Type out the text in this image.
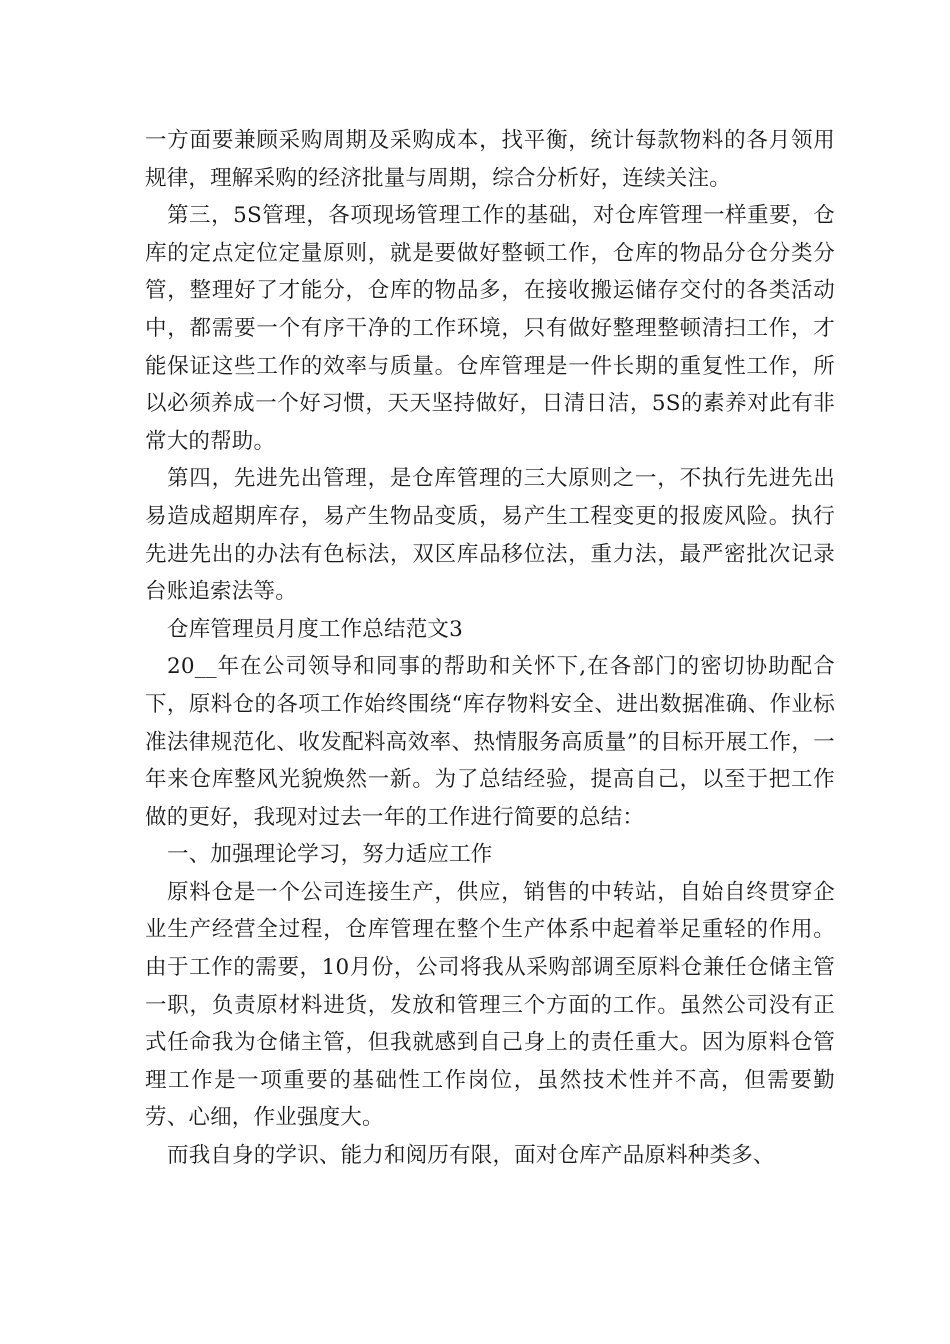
一方面要兼顾采购周期及采购成本，找平衡，统计每款物料的各月领用规律，理解采购的经济批量与周期，综合分析好，连续关注。

第三，5S管理，各项现场管理工作的基础，对仓库管理一样重要，仓库的定点定位定量原则，就是要做好整顿工作，仓库的物品分仓分类分管，整理好了才能分，仓库的物品多，在接收搬运储存交付的各类活动中，都需要一个有序干净的工作环境，只有做好整理整顿清扫工作，才能保证这些工作的效率与质量。仓库管理是一件长期的重复性工作，所以必须养成一个好习惯，天天坚持做好，日清日洁，5S的素养对此有非常大的帮助。

第四，先进先出管理，是仓库管理的三大原则之一，不执行先进先出易造成超期库存，易产生物品变质，易产生工程变更的报废风险。执行先进先出的办法有色标法，双区库品移位法，重力法，最严密批次记录台账追索法等。

仓库管理员月度工作总结范文3

20__年在公司领导和同事的帮助和关怀下,在各部门的密切协助配合下，原料仓的各项工作始终围绕“库存物料安全、进出数据准确、作业标准法律规范化、收发配料高效率、热情服务高质量”的目标开展工作，一年来仓库整风光貌焕然一新。为了总结经验，提高自己，以至于把工作做的更好，我现对过去一年的工作进行简要的总结：

一、加强理论学习，努力适应工作

原料仓是一个公司连接生产，供应，销售的中转站，自始自终贯穿企业生产经营全过程，仓库管理在整个生产体系中起着举足重轻的作用。由于工作的需要，10月份，公司将我从采购部调至原料仓兼任仓储主管一职，负责原材料进货，发放和管理三个方面的工作。虽然公司没有正式任命我为仓储主管，但我就感到自己身上的责任重大。因为原料仓管理工作是一项重要的基础性工作岗位，虽然技术性并不高，但需要勤劳、心细，作业强度大。

而我自身的学识、能力和阅历有限，面对仓库产品原料种类多、
